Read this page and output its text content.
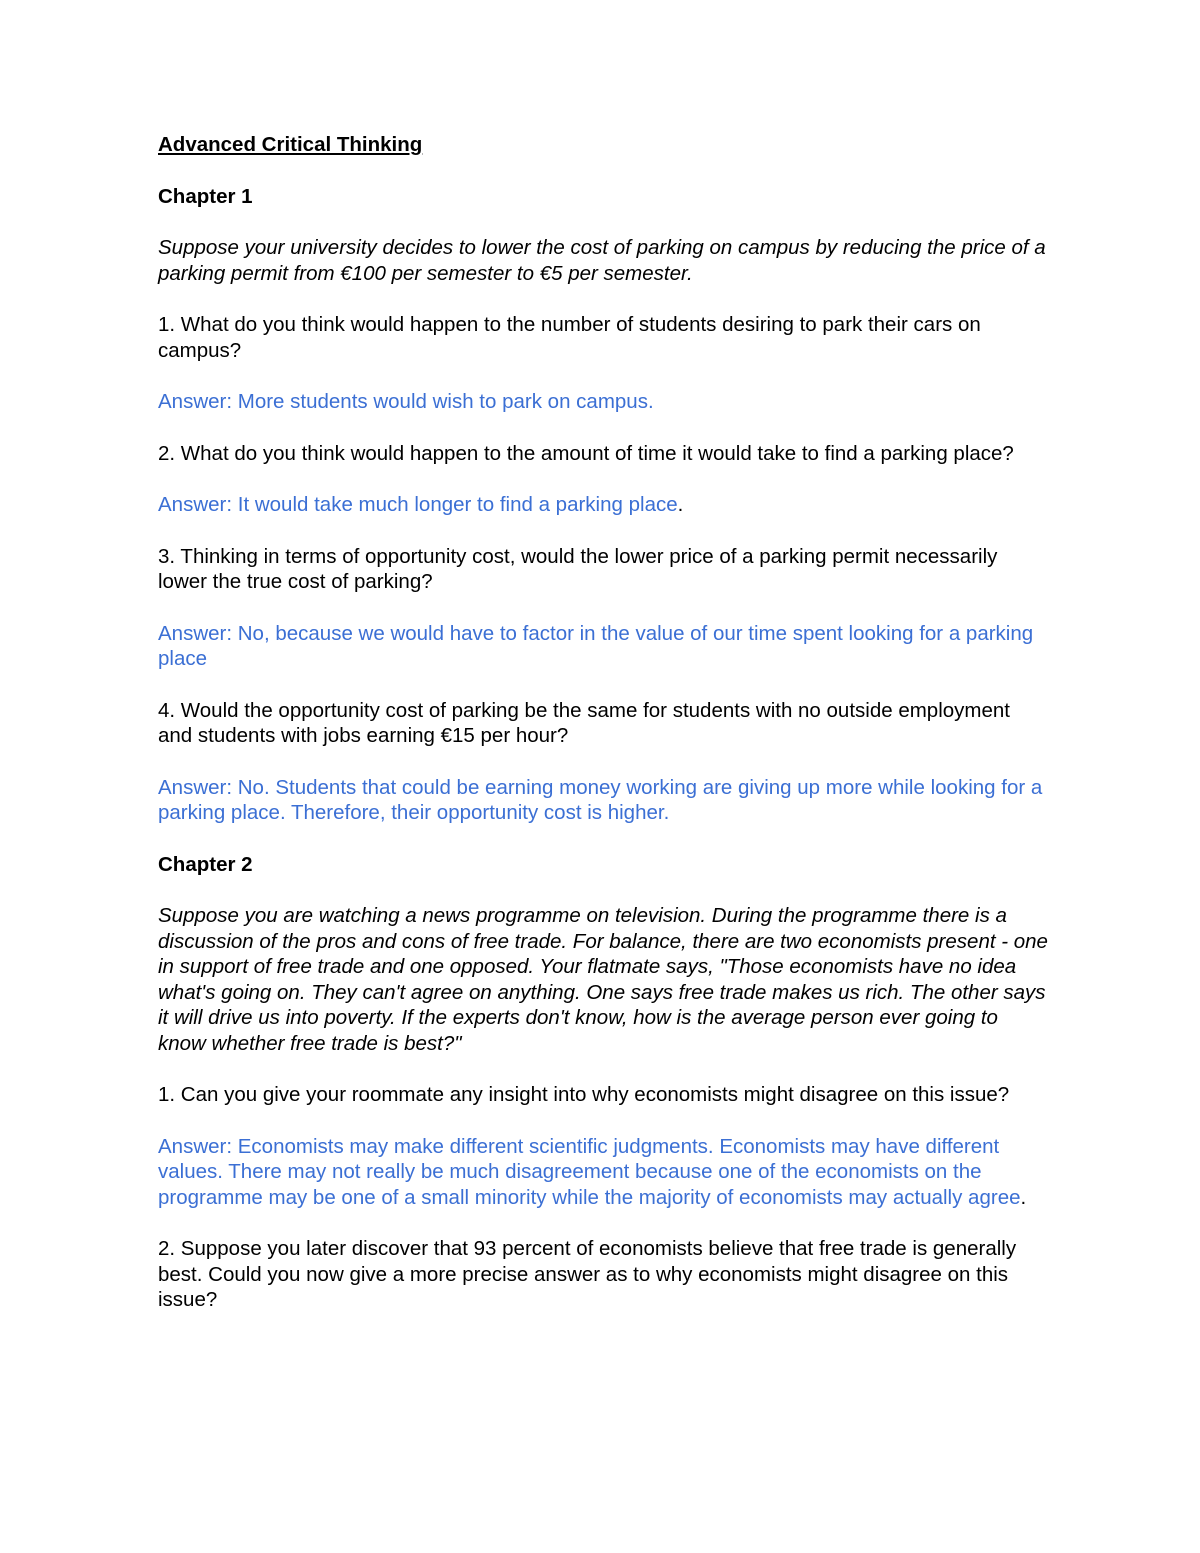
Advanced Critical Thinking

Chapter 1

Suppose your university decides to lower the cost of parking on campus by reducing the price of a parking permit from €100 per semester to €5 per semester.

1. What do you think would happen to the number of students desiring to park their cars on campus?

Answer: More students would wish to park on campus.

2. What do you think would happen to the amount of time it would take to find a parking place?

Answer: It would take much longer to find a parking place.

3. Thinking in terms of opportunity cost, would the lower price of a parking permit necessarily lower the true cost of parking?

Answer: No, because we would have to factor in the value of our time spent looking for a parking place

4. Would the opportunity cost of parking be the same for students with no outside employment and students with jobs earning €15 per hour?

Answer: No. Students that could be earning money working are giving up more while looking for a parking place. Therefore, their opportunity cost is higher.

Chapter 2

Suppose you are watching a news programme on television. During the programme there is a discussion of the pros and cons of free trade. For balance, there are two economists present - one in support of free trade and one opposed. Your flatmate says, "Those economists have no idea what's going on. They can't agree on anything. One says free trade makes us rich. The other says it will drive us into poverty. If the experts don't know, how is the average person ever going to know whether free trade is best?"

1. Can you give your roommate any insight into why economists might disagree on this issue?

Answer: Economists may make different scientific judgments. Economists may have different values. There may not really be much disagreement because one of the economists on the programme may be one of a small minority while the majority of economists may actually agree.

2. Suppose you later discover that 93 percent of economists believe that free trade is generally best. Could you now give a more precise answer as to why economists might disagree on this issue?
